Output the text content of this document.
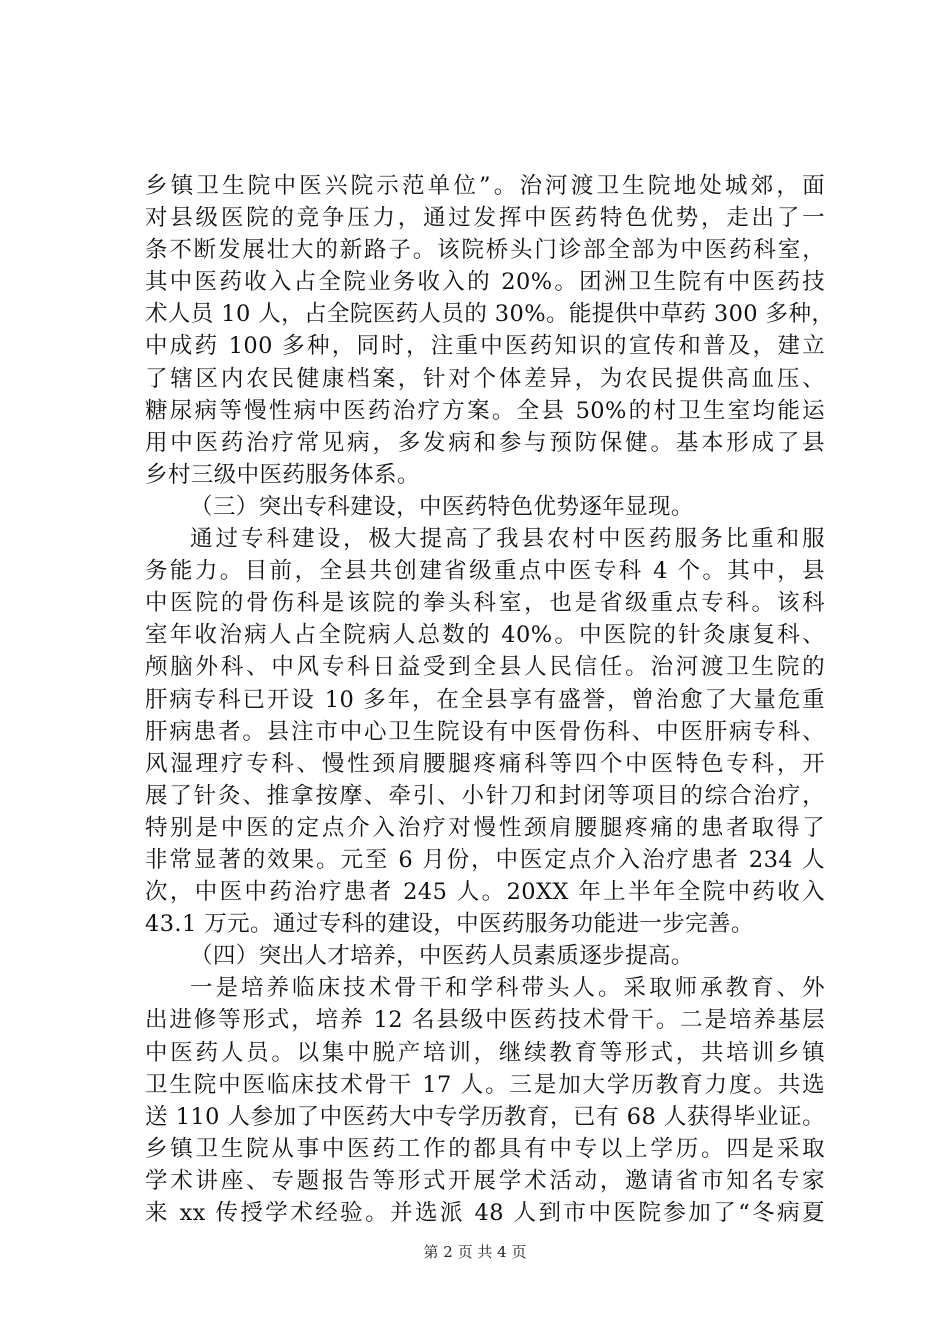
乡镇卫生院中医兴院示范单位”。治河渡卫生院地处城郊，面
对县级医院的竞争压力，通过发挥中医药特色优势，走出了一
条不断发展壮大的新路子。该院桥头门诊部全部为中医药科室，
其中医药收入占全院业务收入的 20%。团洲卫生院有中医药技
术人员 10 人，占全院医药人员的 30%。能提供中草药 300 多种，
中成药 100 多种，同时，注重中医药知识的宣传和普及，建立
了辖区内农民健康档案，针对个体差异，为农民提供高血压、
糖尿病等慢性病中医药治疗方案。全县 50%的村卫生室均能运
用中医药治疗常见病，多发病和参与预防保健。基本形成了县
乡村三级中医药服务体系。
（三）突出专科建设，中医药特色优势逐年显现。
通过专科建设，极大提高了我县农村中医药服务比重和服
务能力。目前，全县共创建省级重点中医专科 4 个。其中，县
中医院的骨伤科是该院的拳头科室，也是省级重点专科。该科
室年收治病人占全院病人总数的 40%。中医院的针灸康复科、
颅脑外科、中风专科日益受到全县人民信任。治河渡卫生院的
肝病专科已开设 10 多年，在全县享有盛誉，曾治愈了大量危重
肝病患者。县注市中心卫生院设有中医骨伤科、中医肝病专科、
风湿理疗专科、慢性颈肩腰腿疼痛科等四个中医特色专科，开
展了针灸、推拿按摩、牵引、小针刀和封闭等项目的综合治疗，
特别是中医的定点介入治疗对慢性颈肩腰腿疼痛的患者取得了
非常显著的效果。元至 6 月份，中医定点介入治疗患者 234 人
次，中医中药治疗患者 245 人。20XX 年上半年全院中药收入
43.1 万元。通过专科的建设，中医药服务功能进一步完善。
（四）突出人才培养，中医药人员素质逐步提高。
一是培养临床技术骨干和学科带头人。采取师承教育、外
出进修等形式，培养 12 名县级中医药技术骨干。二是培养基层
中医药人员。以集中脱产培训，继续教育等形式，共培训乡镇
卫生院中医临床技术骨干 17 人。三是加大学历教育力度。共选
送 110 人参加了中医药大中专学历教育，已有 68 人获得毕业证。
乡镇卫生院从事中医药工作的都具有中专以上学历。四是采取
学术讲座、专题报告等形式开展学术活动，邀请省市知名专家
来 xx 传授学术经验。并选派 48 人到市中医院参加了“冬病夏
第 2 页 共 4 页
